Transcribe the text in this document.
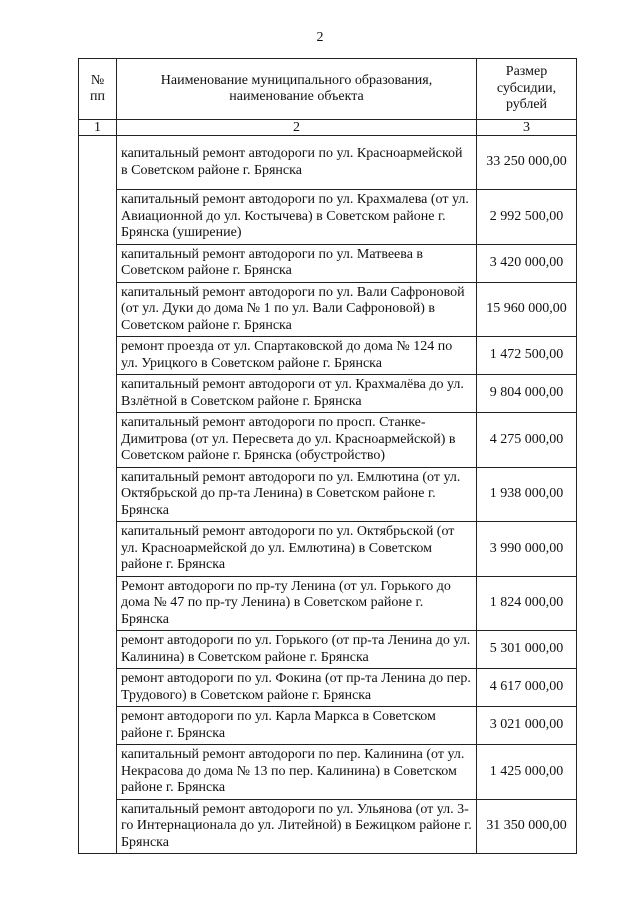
2
№ пп	Наименование муниципального образования, наименование объекта	Размер субсидии, рублей
1	2	3
	капитальный ремонт автодороги по ул. Красноармейской в Советском районе г. Брянска	33 250 000,00
	капитальный ремонт автодороги по ул. Крахмалева (от ул. Авиационной до ул. Костычева) в Советском районе г. Брянска (уширение)	2 992 500,00
	капитальный ремонт автодороги по ул. Матвеева в Советском районе г. Брянска	3 420 000,00
	капитальный ремонт автодороги по ул. Вали Сафроновой (от ул. Дуки до дома № 1 по ул. Вали Сафроновой) в Советском районе г. Брянска	15 960 000,00
	ремонт проезда от ул. Спартаковской до дома № 124 по ул. Урицкого в Советском районе г. Брянска	1 472 500,00
	капитальный ремонт автодороги от ул. Крахмалёва до ул. Взлётной в Советском районе г. Брянска	9 804 000,00
	капитальный ремонт автодороги по просп. Станке-Димитрова (от ул. Пересвета до ул. Красноармейской) в Советском районе г. Брянска (обустройство)	4 275 000,00
	капитальный ремонт автодороги по ул. Емлютина (от ул. Октябрьской до пр-та Ленина) в Советском районе г. Брянска	1 938 000,00
	капитальный ремонт автодороги по ул. Октябрьской (от ул. Красноармейской до ул. Емлютина) в Советском районе г. Брянска	3 990 000,00
	Ремонт автодороги по пр-ту Ленина (от ул. Горького до дома № 47 по пр-ту Ленина) в Советском районе г. Брянска	1 824 000,00
	ремонт автодороги по ул. Горького (от пр-та Ленина до ул. Калинина) в Советском районе г. Брянска	5 301 000,00
	ремонт автодороги по ул. Фокина (от пр-та Ленина до пер. Трудового) в Советском районе г. Брянска	4 617 000,00
	ремонт автодороги по ул. Карла Маркса в Советском районе г. Брянска	3 021 000,00
	капитальный ремонт автодороги по пер. Калинина (от ул. Некрасова до дома № 13 по пер. Калинина) в Советском районе г. Брянска	1 425 000,00
	капитальный ремонт автодороги по ул. Ульянова (от ул. 3-го Интернационала до ул. Литейной) в Бежицком районе г. Брянска	31 350 000,00
